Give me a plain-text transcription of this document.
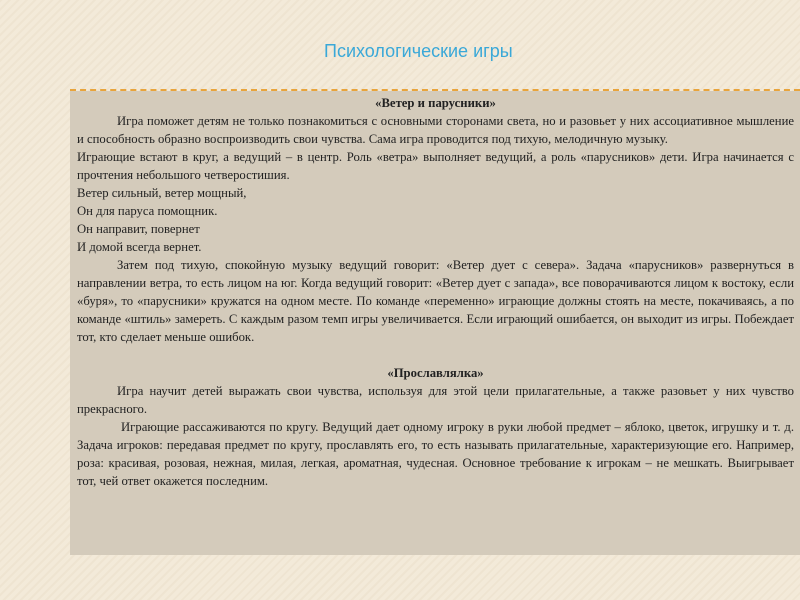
Психологические игры
«Ветер и парусники»

Игра поможет детям не только познакомиться с основными сторонами света, но и разовьет у них ассоциативное мышление и способность образно воспроизводить свои чувства. Сама игра проводится под тихую, мелодичную музыку.

Играющие встают в круг, а ведущий – в центр. Роль «ветра» выполняет ведущий, а роль «парусников» дети. Игра начинается с прочтения небольшого четверостишия.

Ветер сильный, ветер мощный,

Он для паруса помощник.

Он направит, повернет

И домой всегда вернет.

Затем под тихую, спокойную музыку ведущий говорит: «Ветер дует с севера». Задача «парусников» развернуться в направлении ветра, то есть лицом на юг. Когда ведущий говорит: «Ветер дует с запада», все поворачиваются лицом к востоку, если «буря», то «парусники» кружатся на одном месте. По команде «переменно» играющие должны стоять на месте, покачиваясь, а по команде «штиль» замереть. С каждым разом темп игры увеличивается. Если играющий ошибается, он выходит из игры. Побеждает тот, кто сделает меньше ошибок.

«Прославлялка»

Игра научит детей выражать свои чувства, используя для этой цели прилагательные, а также разовьет у них чувство прекрасного.

Играющие рассаживаются по кругу. Ведущий дает одному игроку в руки любой предмет – яблоко, цветок, игрушку и т. д. Задача игроков: передавая предмет по кругу, прославлять его, то есть называть прилагательные, характеризующие его. Например, роза: красивая, розовая, нежная, милая, легкая, ароматная, чудесная. Основное требование к игрокам – не мешкать. Выигрывает тот, чей ответ окажется последним.
